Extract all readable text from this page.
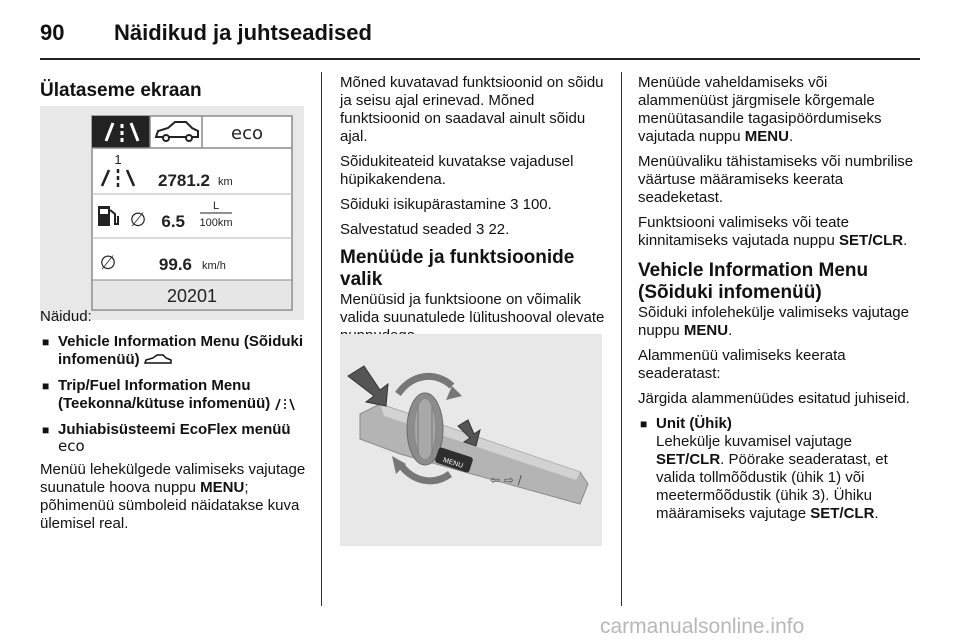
90 Näidikud ja juhtseadised
Ülataseme ekraan
eco
1
2781.2 km
∅ 6.5
L
100km
∅	99.6 km/h
20201

Näidud:

■ Vehicle Information Menu (Sõiduki infomenüü)
■ Trip/Fuel Information Menu (Teekonna/kütuse infomenüü)
■ Juhiabisüsteemi EcoFlex menüü
eco

Menüü lehekülgede valimiseks vajutage suunatule hoova nuppu MENU; põhimenüü sümboleid näidatakse kuva ülemisel real.

Mõned kuvatavad funktsioonid on sõidu ja seisu ajal erinevad. Mõned funktsioonid on saadaval ainult sõidu ajal.

Sõidukiteateid kuvatakse vajadusel hüpikakendena.

Sõiduki isikupärastamine 3 100.

Salvestatud seaded 3 22.

Menüüde ja funktsioonide valik

Menüüsid ja funktsioone on võimalik valida suunatulede lülitushooval olevate

MENU
⇦ ⇨ /

Menüüde vaheldamiseks või alammenüüst järgmisele kõrgemale menüütasandile tagasipöördumiseks vajutada nuppu MENU.

Menüüvaliku tähistamiseks või numbrilise väärtuse määramiseks keerata seadeketast.

Funktsiooni valimiseks või teate kinnitamiseks vajutada nuppu SET/CLR.

Vehicle Information Menu (Sõiduki infomenüü)

Sõiduki infolehekülje valimiseks vajutage nuppu MENU.

Alammenüü valimiseks keerata seaderatast:

Järgida alammenüüdes esitatud juhiseid.

■ Unit (Ühik)
Lehekülje kuvamisel vajutage SET/CLR. Pöörake seaderatast, et valida tollmõõdustik (ühik 1) või meetermõõdustik (ühik 3). Ühiku määramiseks vajutage SET/CLR.
carmanualsonline.info
